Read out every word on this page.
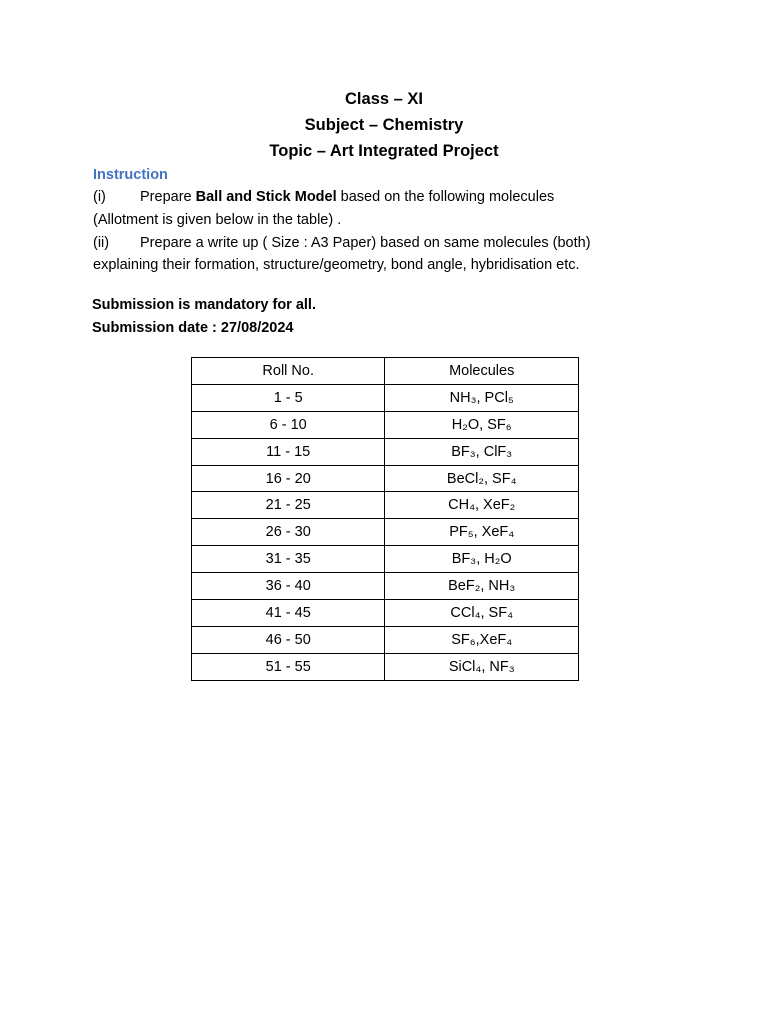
Class – XI
Subject – Chemistry
Topic – Art Integrated Project
Instruction
(i) Prepare Ball and Stick Model based on the following molecules
(Allotment is given below in the table) .
(ii) Prepare a write up ( Size : A3 Paper) based on same molecules (both)
explaining their formation, structure/geometry, bond angle, hybridisation etc.
Submission is mandatory for all.
Submission date : 27/08/2024
Roll No.	Molecules
1 - 5	NH₃, PCl₅
6 - 10	H₂O, SF₆
11 - 15	BF₃, ClF₃
16 - 20	BeCl₂, SF₄
21 - 25	CH₄, XeF₂
26 - 30	PF₅, XeF₄
31 - 35	BF₃, H₂O
36 - 40	BeF₂, NH₃
41 - 45	CCl₄, SF₄
46 - 50	SF₆,XeF₄
51 - 55	SiCl₄, NF₃
